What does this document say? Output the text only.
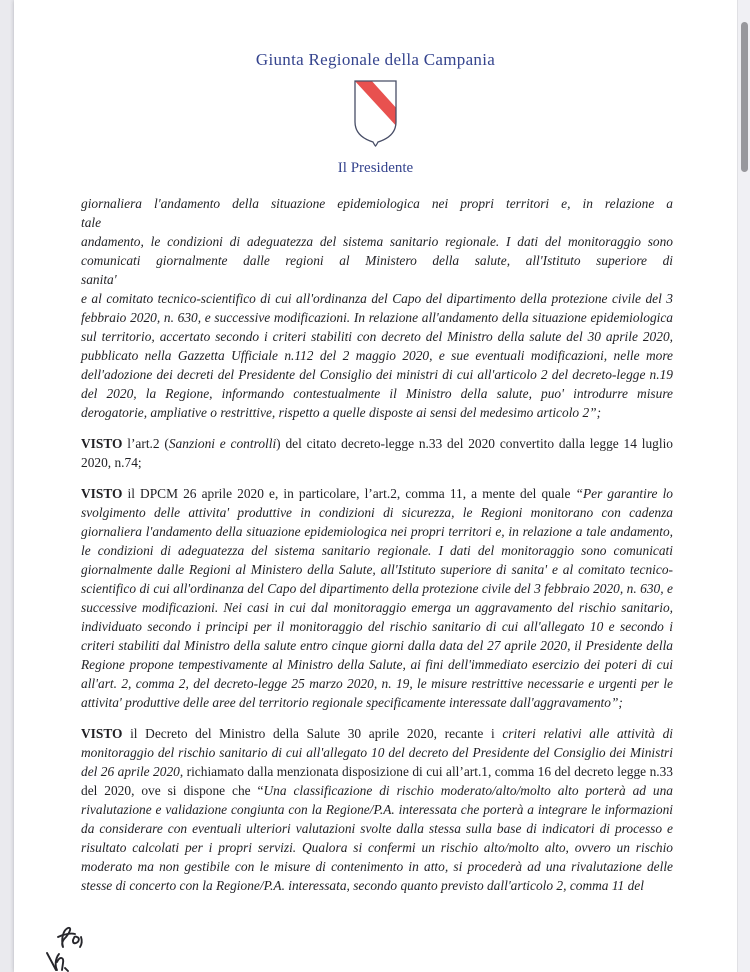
Giunta Regionale della Campania
Il Presidente
giornaliera l'andamento della situazione epidemiologica nei propri territori e, in relazione a
tale
andamento, le condizioni di adeguatezza del sistema sanitario regionale. I dati del monitoraggio sono comunicati giornalmente dalle regioni al Ministero della salute, all'Istituto superiore di
sanita'
e al comitato tecnico-scientifico di cui all'ordinanza del Capo del dipartimento della protezione civile del 3 febbraio 2020, n. 630, e successive modificazioni. In relazione all'andamento della situazione epidemiologica sul territorio, accertato secondo i criteri stabiliti con decreto del Ministro della salute del 30 aprile 2020, pubblicato nella Gazzetta Ufficiale n.112 del 2 maggio 2020, e sue eventuali modificazioni, nelle more dell'adozione dei decreti del Presidente del Consiglio dei ministri di cui all'articolo 2 del decreto-legge n.19 del 2020, la Regione, informando contestualmente il Ministro della salute, puo' introdurre misure derogatorie, ampliative o restrittive, rispetto a quelle disposte ai sensi del medesimo articolo 2”;
VISTO l’art.2 (Sanzioni e controlli) del citato decreto-legge n.33 del 2020 convertito dalla legge 14 luglio 2020, n.74;
VISTO il DPCM 26 aprile 2020 e, in particolare, l’art.2, comma 11, a mente del quale “Per garantire lo svolgimento delle attivita' produttive in condizioni di sicurezza, le Regioni monitorano con cadenza giornaliera l'andamento della situazione epidemiologica nei propri territori e, in relazione a tale andamento, le condizioni di adeguatezza del sistema sanitario regionale. I dati del monitoraggio sono comunicati giornalmente dalle Regioni al Ministero della Salute, all'Istituto superiore di sanita' e al comitato tecnico-scientifico di cui all'ordinanza del Capo del dipartimento della protezione civile del 3 febbraio 2020, n. 630, e successive modificazioni. Nei casi in cui dal monitoraggio emerga un aggravamento del rischio sanitario, individuato secondo i principi per il monitoraggio del rischio sanitario di cui all'allegato 10 e secondo i criteri stabiliti dal Ministro della salute entro cinque giorni dalla data del 27 aprile 2020, il Presidente della Regione propone tempestivamente al Ministro della Salute, ai fini dell'immediato esercizio dei poteri di cui all'art. 2, comma 2, del decreto-legge 25 marzo 2020, n. 19, le misure restrittive necessarie e urgenti per le attivita' produttive delle aree del territorio regionale specificamente interessate dall'aggravamento”;
VISTO il Decreto del Ministro della Salute 30 aprile 2020, recante i criteri relativi alle attività di monitoraggio del rischio sanitario di cui all'allegato 10 del decreto del Presidente del Consiglio dei Ministri del 26 aprile 2020, richiamato dalla menzionata disposizione di cui all’art.1, comma 16 del decreto legge n.33 del 2020, ove si dispone che “Una classificazione di rischio moderato/alto/molto alto porterà ad una rivalutazione e validazione congiunta con la Regione/P.A. interessata che porterà a integrare le informazioni da considerare con eventuali ulteriori valutazioni svolte dalla stessa sulla base di indicatori di processo e risultato calcolati per i propri servizi. Qualora si confermi un rischio alto/molto alto, ovvero un rischio moderato ma non gestibile con le misure di contenimento in atto, si procederà ad una rivalutazione delle stesse di concerto con la Regione/P.A. interessata, secondo quanto previsto dall'articolo 2, comma 11 del
